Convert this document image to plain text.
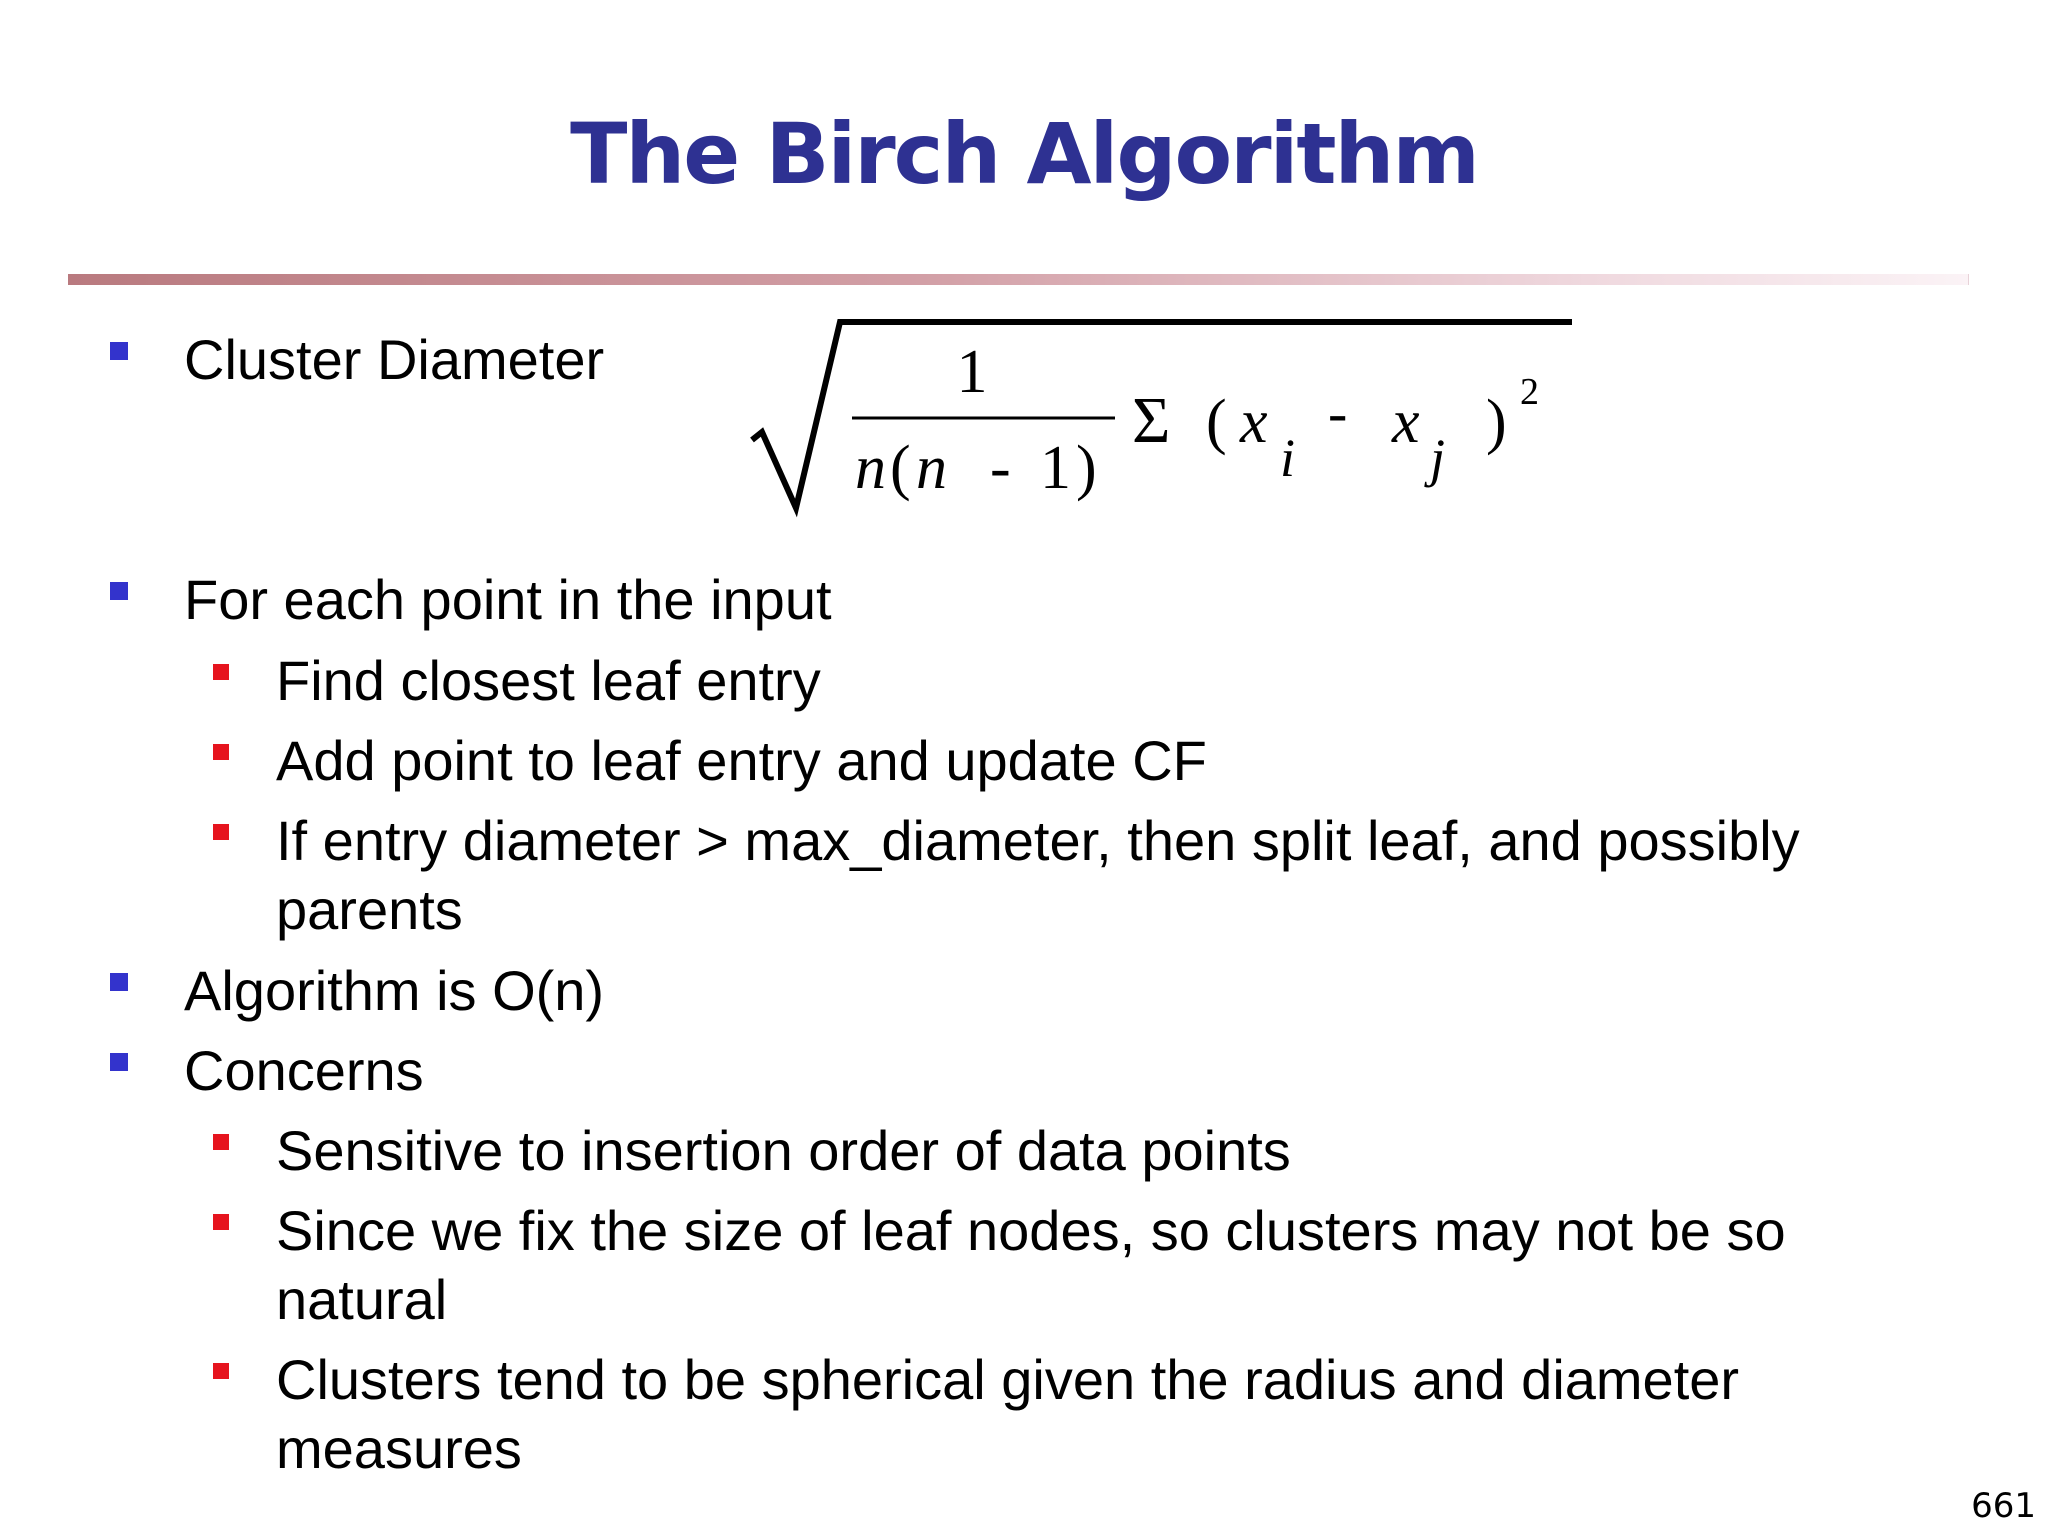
The Birch Algorithm
Cluster Diameter	1
n ( n - 1 )
Σ ( x
i
- x
j
) 2
For each point in the input
Find closest leaf entry
Add point to leaf entry and update CF
If entry diameter > max_diameter, then split leaf, and possibly
parents
Algorithm is O(n)
Concerns
Sensitive to insertion order of data points
Since we fix the size of leaf nodes, so clusters may not be so
natural
Clusters tend to be spherical given the radius and diameter
measures
661
